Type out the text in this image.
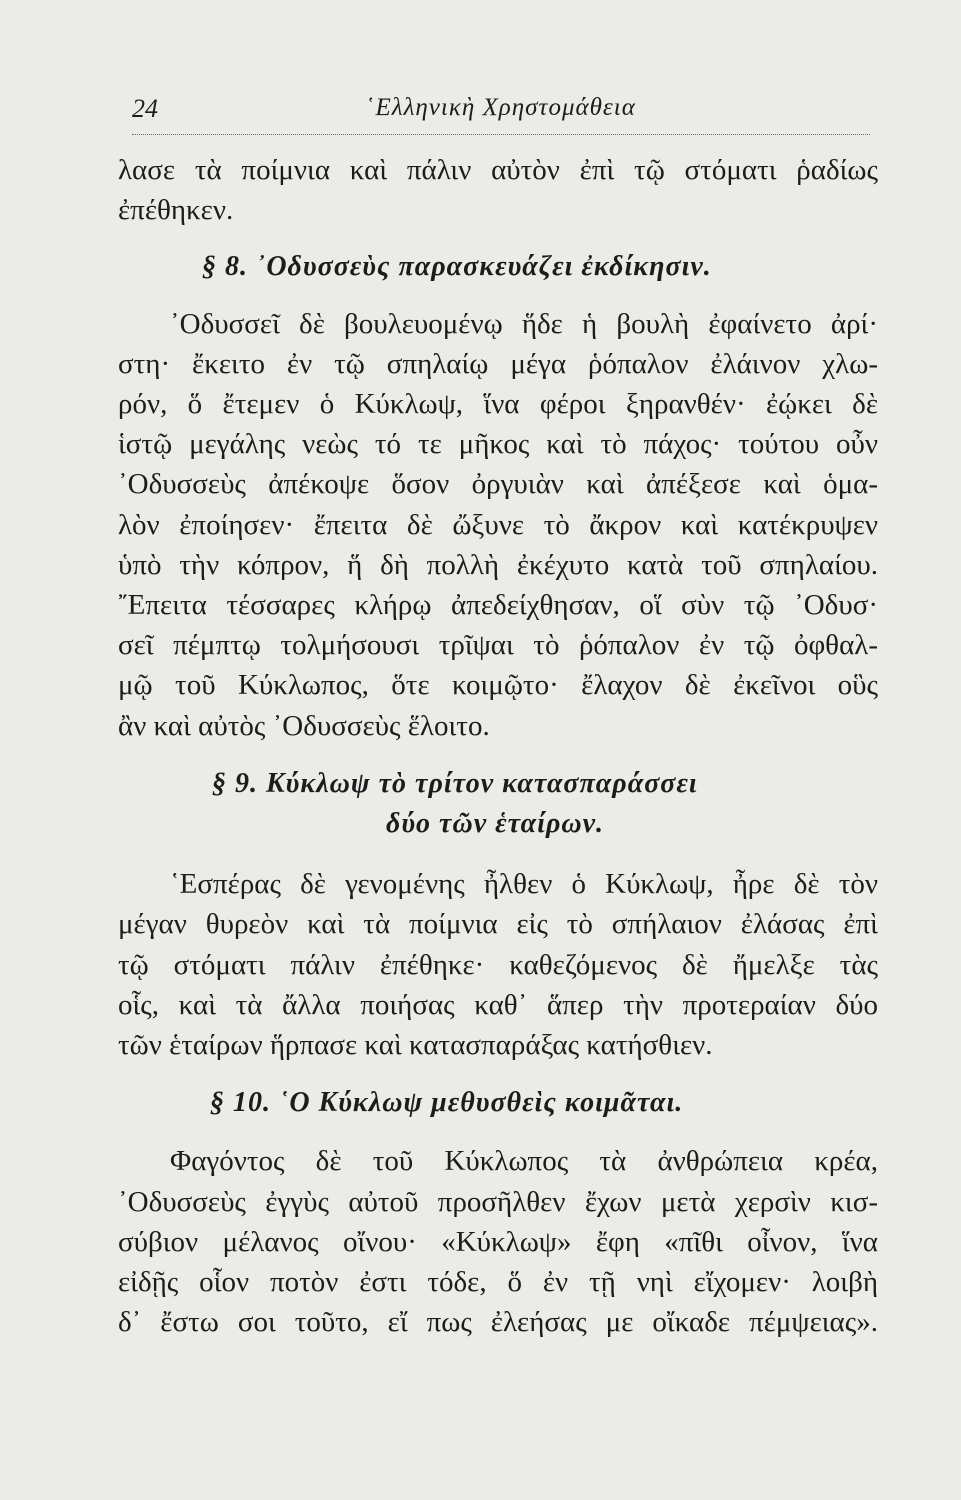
24	῾Ελληνικὴ Χρηστομάθεια
λασε τὰ ποίμνια καὶ πάλιν αὐτὸν ἐπὶ τῷ στόματι ῥαδίως
ἐπέθηκεν.
§ 8. ᾿Οδυσσεὺς παρασκευάζει ἐκδίκησιν.
᾿Οδυσσεῖ δὲ βουλευομένῳ ἥδε ἡ βουλὴ ἐφαίνετο ἀρί·
στη· ἔκειτο ἐν τῷ σπηλαίῳ μέγα ῥόπαλον ἐλάινον χλω-
ρόν, ὅ ἔτεμεν ὁ Κύκλωψ, ἵνα φέροι ξηρανθέν· ἐῴκει δὲ
ἱστῷ μεγάλης νεὼς τό τε μῆκος καὶ τὸ πάχος· τούτου οὖν
᾿Οδυσσεὺς ἀπέκοψε ὅσον ὀργυιὰν καὶ ἀπέξεσε καὶ ὁμα-
λὸν ἐποίησεν· ἔπειτα δὲ ὤξυνε τὸ ἄκρον καὶ κατέκρυψεν
ὑπὸ τὴν κόπρον, ἥ δὴ πολλὴ ἐκέχυτο κατὰ τοῦ σπηλαίου.
῎Επειτα τέσσαρες κλήρῳ ἀπεδείχθησαν, οἵ σὺν τῷ ᾿Οδυσ·
σεῖ πέμπτῳ τολμήσουσι τρῖψαι τὸ ῥόπαλον ἐν τῷ ὀφθαλ-
μῷ τοῦ Κύκλωπος, ὅτε κοιμῷτο· ἔλαχον δὲ ἐκεῖνοι οὓς
ἂν καὶ αὐτὸς ᾿Οδυσσεὺς ἕλοιτο.
§ 9. Κύκλωψ τὸ τρίτον κατασπαράσσει
δύο τῶν ἑταίρων.
῾Εσπέρας δὲ γενομένης ἦλθεν ὁ Κύκλωψ, ἦρε δὲ τὸν
μέγαν θυρεὸν καὶ τὰ ποίμνια εἰς τὸ σπήλαιον ἐλάσας ἐπὶ
τῷ στόματι πάλιν ἐπέθηκε· καθεζόμενος δὲ ἤμελξε τὰς
οἷς, καὶ τὰ ἄλλα ποιήσας καθ᾿ ἅπερ τὴν προτεραίαν δύο
τῶν ἑταίρων ἥρπασε καὶ κατασπαράξας κατήσθιεν.
§ 10. ῾Ο Κύκλωψ μεθυσθεὶς κοιμᾶται.
Φαγόντος δὲ τοῦ Κύκλωπος τὰ ἀνθρώπεια κρέα,
᾿Οδυσσεὺς ἐγγὺς αὐτοῦ προσῆλθεν ἔχων μετὰ χερσὶν κισ-
σύβιον μέλανος οἴνου· «Κύκλωψ» ἔφη «πῖθι οἶνον, ἵνα
εἰδῇς οἷον ποτὸν ἐστι τόδε, ὅ ἐν τῇ νηὶ εἴχομεν· λοιβὴ
δ᾿ ἔστω σοι τοῦτο, εἴ πως ἐλεήσας με οἴκαδε πέμψειας».
